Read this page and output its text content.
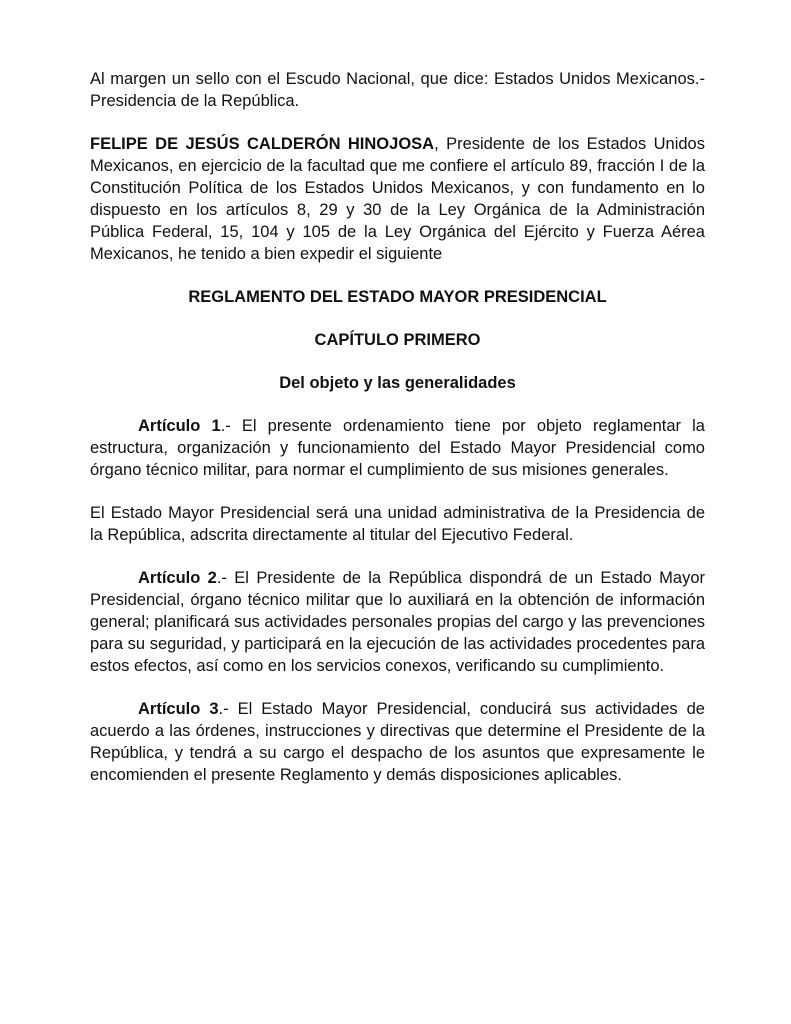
Al margen un sello con el Escudo Nacional, que dice: Estados Unidos Mexicanos.- Presidencia de la República.

FELIPE DE JESÚS CALDERÓN HINOJOSA, Presidente de los Estados Unidos Mexicanos, en ejercicio de la facultad que me confiere el artículo 89, fracción I de la Constitución Política de los Estados Unidos Mexicanos, y con fundamento en lo dispuesto en los artículos 8, 29 y 30 de la Ley Orgánica de la Administración Pública Federal, 15, 104 y 105 de la Ley Orgánica del Ejército y Fuerza Aérea Mexicanos, he tenido a bien expedir el siguiente

REGLAMENTO DEL ESTADO MAYOR PRESIDENCIAL
CAPÍTULO PRIMERO
Del objeto y las generalidades

Artículo 1.- El presente ordenamiento tiene por objeto reglamentar la estructura, organización y funcionamiento del Estado Mayor Presidencial como órgano técnico militar, para normar el cumplimiento de sus misiones generales.

El Estado Mayor Presidencial será una unidad administrativa de la Presidencia de la República, adscrita directamente al titular del Ejecutivo Federal.

Artículo 2.- El Presidente de la República dispondrá de un Estado Mayor Presidencial, órgano técnico militar que lo auxiliará en la obtención de información general; planificará sus actividades personales propias del cargo y las prevenciones para su seguridad, y participará en la ejecución de las actividades procedentes para estos efectos, así como en los servicios conexos, verificando su cumplimiento.

Artículo 3.- El Estado Mayor Presidencial, conducirá sus actividades de acuerdo a las órdenes, instrucciones y directivas que determine el Presidente de la República, y tendrá a su cargo el despacho de los asuntos que expresamente le encomienden el presente Reglamento y demás disposiciones aplicables.
